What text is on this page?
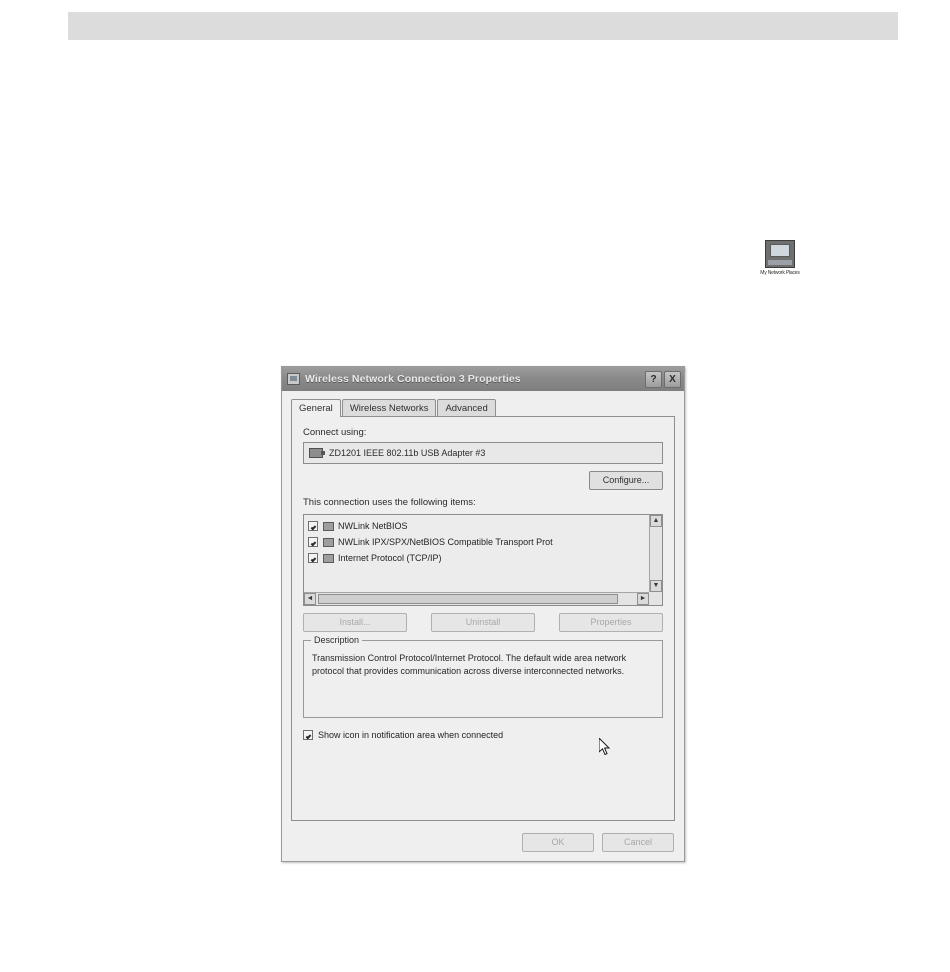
My Network Places
Wireless Network Connection 3 Properties	?	X
General	Wireless Networks	Advanced
Connect using:
ZD1201 IEEE 802.11b USB Adapter #3
Configure...
This connection uses the following items:
NWLink NetBIOS
NWLink IPX/SPX/NetBIOS Compatible Transport Prot
Internet Protocol (TCP/IP)
▲
▼
◄	►
Install...	Uninstall	Properties
Description
Transmission Control Protocol/Internet Protocol. The default wide area network protocol that provides communication across diverse interconnected networks.
Show icon in notification area when connected
OK	Cancel
